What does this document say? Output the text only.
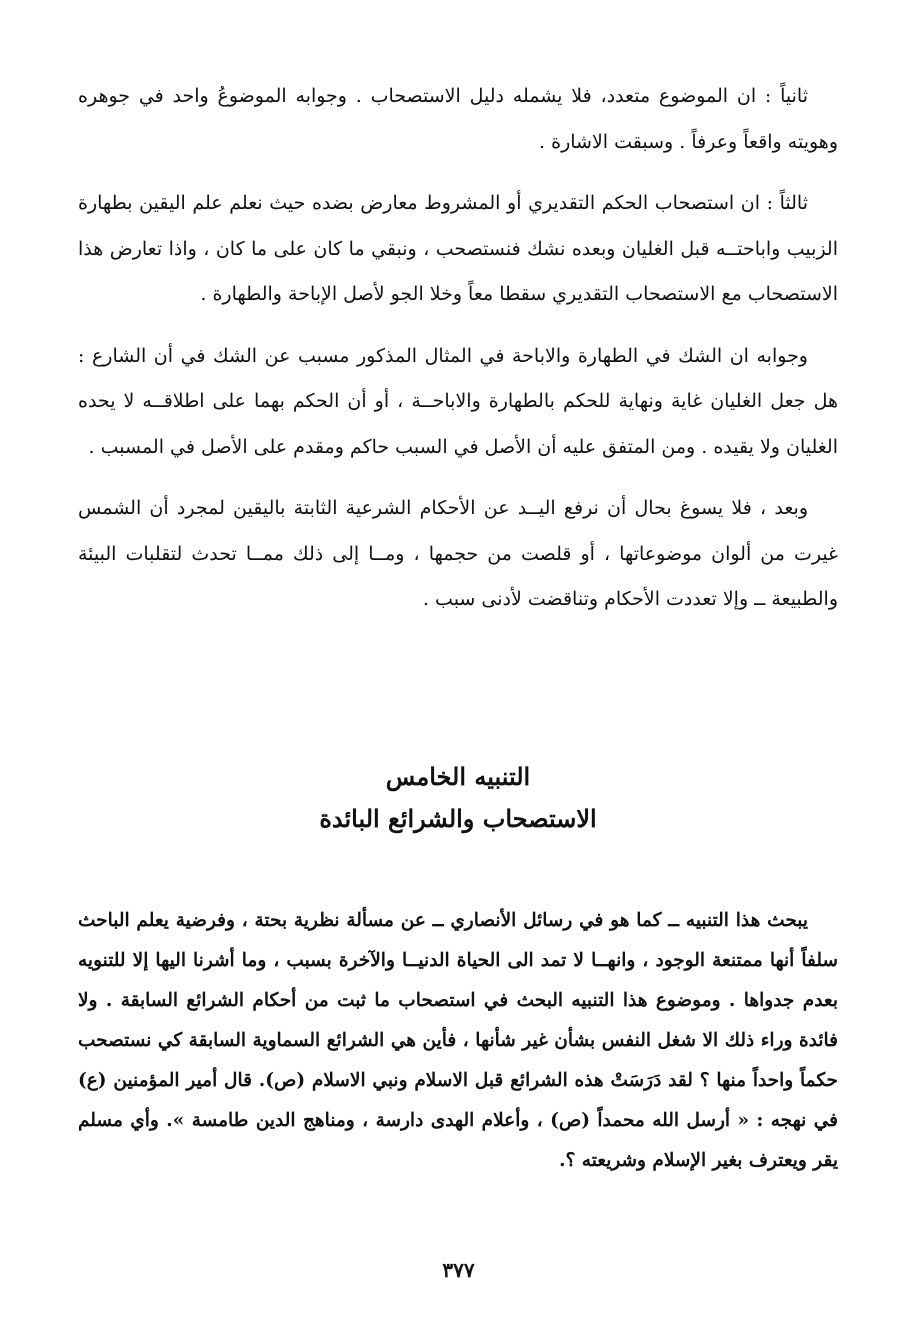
ثانياً : ان الموضوع متعدد، فلا يشمله دليل الاستصحاب . وجوابه الموضوعُ واحد في جوهره وهويته واقعاً وعرفاً . وسبقت الاشارة .

ثالثاً : ان استصحاب الحكم التقديري أو المشروط معارض بضده حيث نعلم علم اليقين بطهارة الزبيب واباحتــه قبل الغليان وبعده نشك فنستصحب ، ونبقي ما كان على ما كان ، واذا تعارض هذا الاستصحاب مع الاستصحاب التقديري سقطا معاً وخلا الجو لأصل الإباحة والطهارة .

وجوابه ان الشك في الطهارة والاباحة في المثال المذكور مسبب عن الشك في أن الشارع : هل جعل الغليان غاية ونهاية للحكم بالطهارة والاباحــة ، أو أن الحكم بهما على اطلاقــه لا يحده الغليان ولا يقيده . ومن المتفق عليه أن الأصل في السبب حاكم ومقدم على الأصل في المسبب .

وبعد ، فلا يسوغ بحال أن نرفع اليــد عن الأحكام الشرعية الثابتة باليقين لمجرد أن الشمس غيرت من ألوان موضوعاتها ، أو قلصت من حجمها ، ومــا إلى ذلك ممــا تحدث لتقلبات البيئة والطبيعة ــ وإلا تعددت الأحكام وتناقضت لأدنى سبب .

التنبيه الخامس

الاستصحاب والشرائع البائدة

يبحث هذا التنبيه ــ كما هو في رسائل الأنصاري ــ عن مسألة نظرية بحتة ، وفرضية يعلم الباحث سلفاً أنها ممتنعة الوجود ، وانهــا لا تمد الى الحياة الدنيــا والآخرة بسبب ، وما أشرنا اليها إلا للتنويه بعدم جدواها . وموضوع هذا التنبيه البحث في استصحاب ما ثبت من أحكام الشرائع السابقة . ولا فائدة وراء ذلك الا شغل النفس بشأن غير شأنها ، فأين هي الشرائع السماوية السابقة كي نستصحب حكماً واحداً منها ؟ لقد دَرَسَتْ هذه الشرائع قبل الاسلام ونبي الاسلام (ص). قال أمير المؤمنين (ع) في نهجه : « أرسل الله محمداً (ص) ، وأعلام الهدى دارسة ، ومناهج الدين طامسة ». وأي مسلم يقر ويعترف بغير الإسلام وشريعته ؟.

٣٧٧
